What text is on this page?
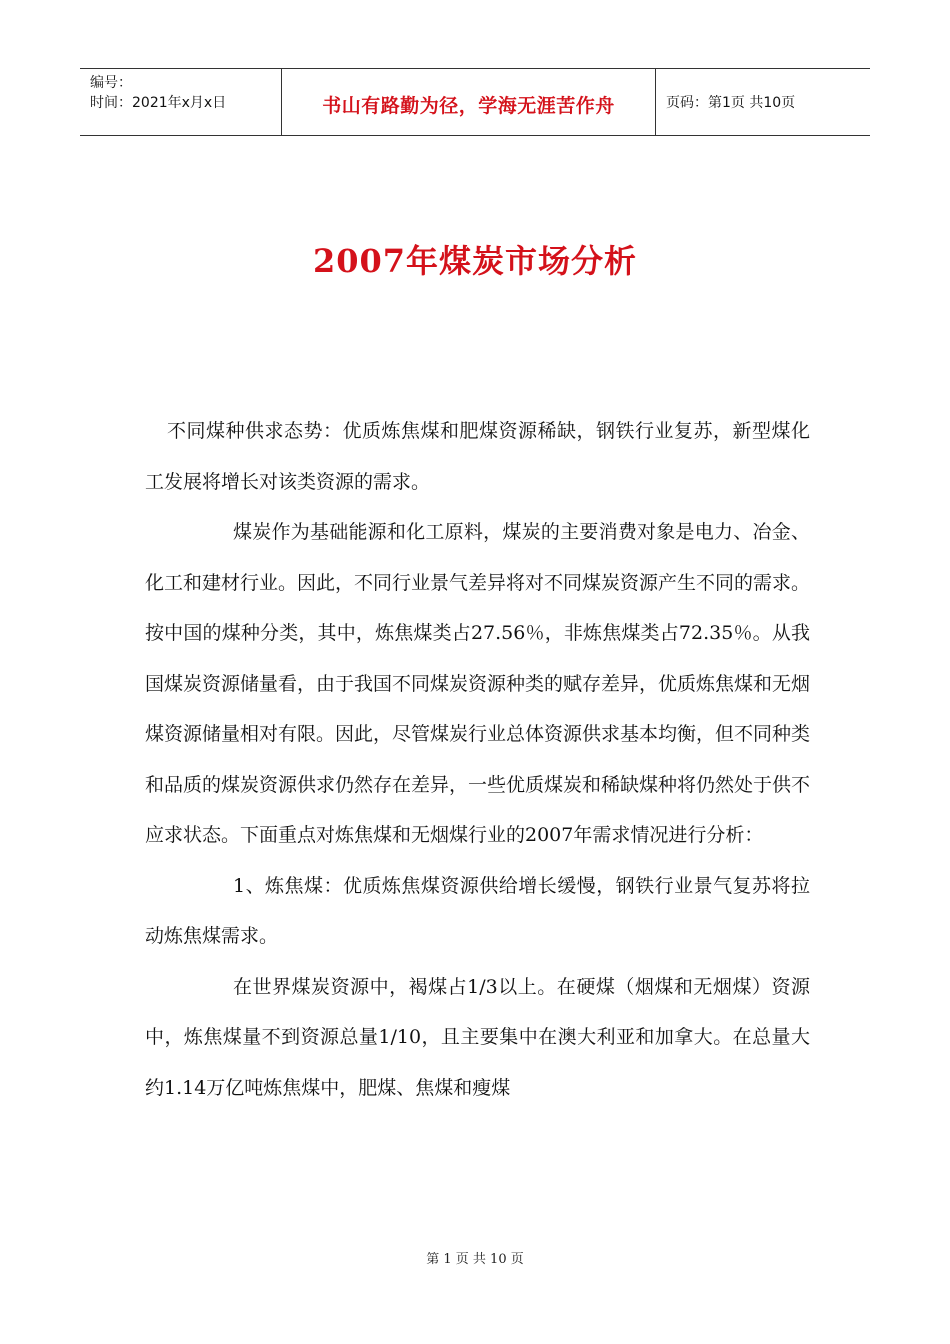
编号：
时间：2021年x月x日	书山有路勤为径，学海无涯苦作舟	页码：第1页 共10页
2007年煤炭市场分析

不同煤种供求态势：优质炼焦煤和肥煤资源稀缺，钢铁行业复苏，新型煤化工发展将增长对该类资源的需求。

煤炭作为基础能源和化工原料，煤炭的主要消费对象是电力、冶金、化工和建材行业。因此，不同行业景气差异将对不同煤炭资源产生不同的需求。按中国的煤种分类，其中，炼焦煤类占27.56％，非炼焦煤类占72.35％。从我国煤炭资源储量看，由于我国不同煤炭资源种类的赋存差异，优质炼焦煤和无烟煤资源储量相对有限。因此，尽管煤炭行业总体资源供求基本均衡，但不同种类和品质的煤炭资源供求仍然存在差异，一些优质煤炭和稀缺煤种将仍然处于供不应求状态。下面重点对炼焦煤和无烟煤行业的2007年需求情况进行分析：

1、炼焦煤：优质炼焦煤资源供给增长缓慢，钢铁行业景气复苏将拉动炼焦煤需求。

在世界煤炭资源中，褐煤占1/3以上。在硬煤（烟煤和无烟煤）资源中，炼焦煤量不到资源总量1/10，且主要集中在澳大利亚和加拿大。在总量大约1.14万亿吨炼焦煤中，肥煤、焦煤和瘦煤

第 1 页 共 10 页
